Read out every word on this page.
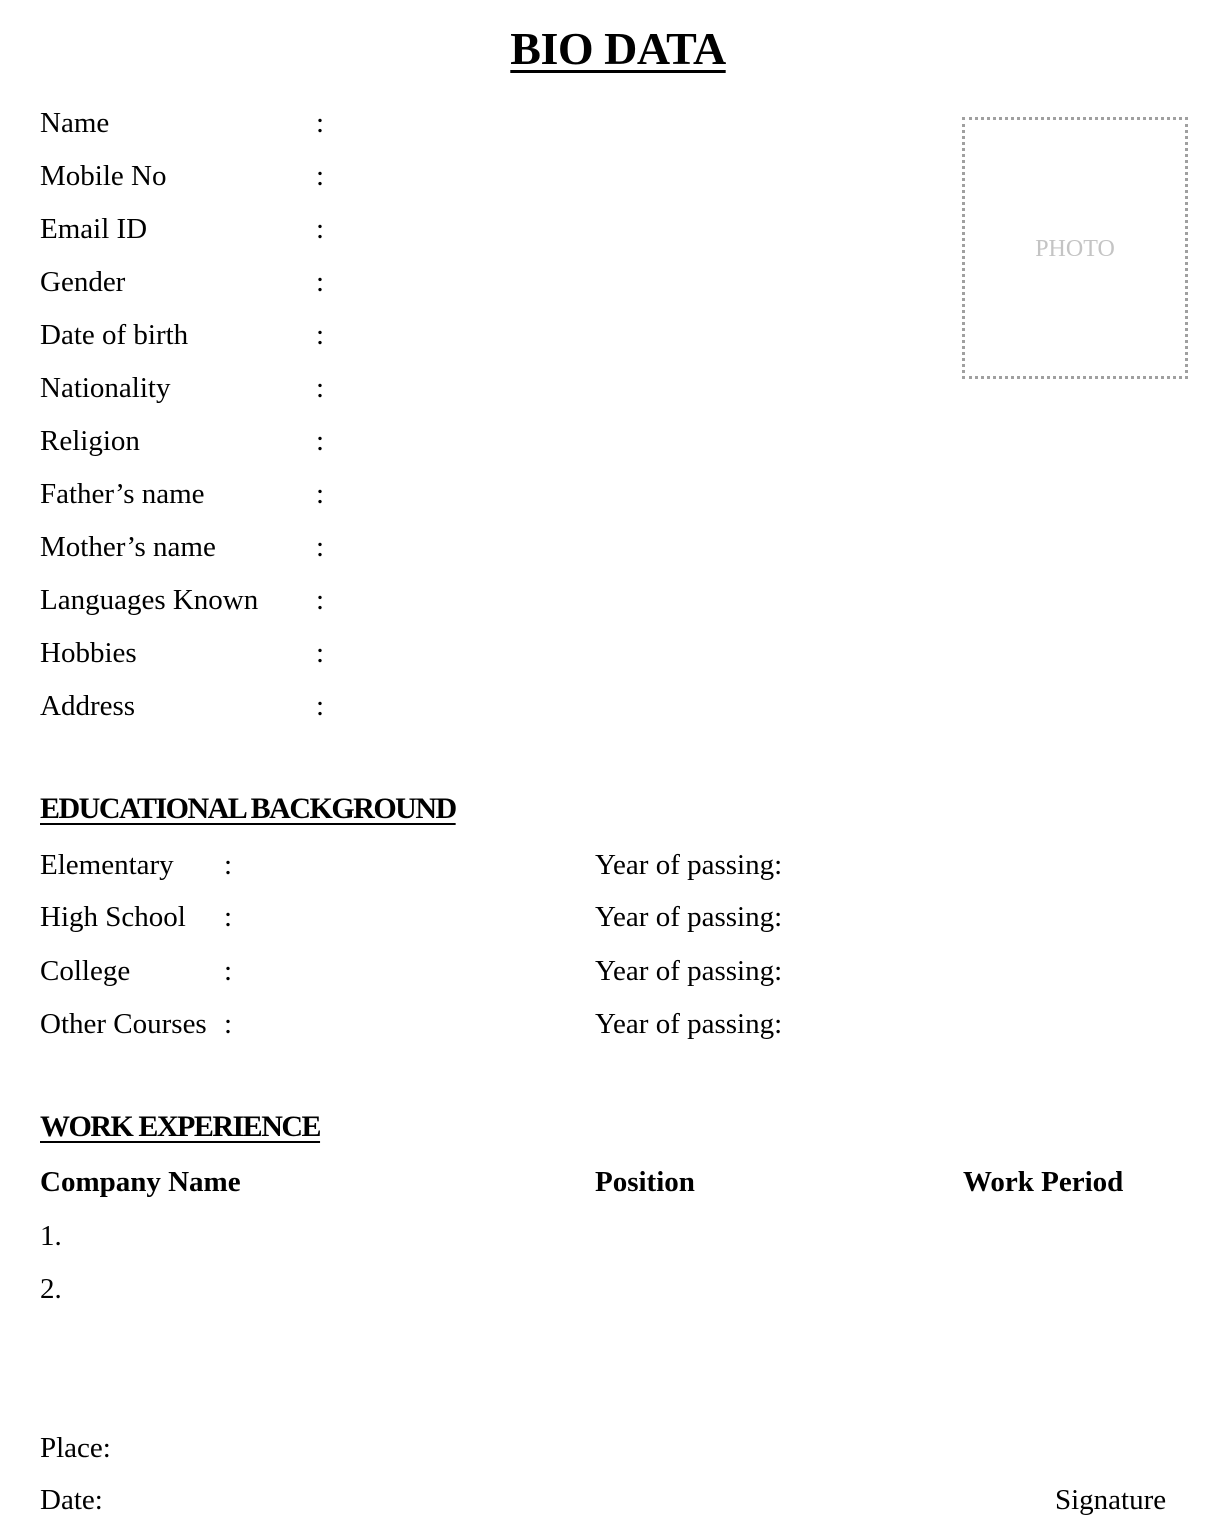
BIO DATA
Name	:
Mobile No	:
Email ID	:
Gender	:
Date of birth	:
Nationality	:
Religion	:
Father’s name	:
Mother’s name	:
Languages Known :
Hobbies	:
Address	:
PHOTO
EDUCATIONAL BACKGROUND
Elementary :	Year of passing:
High School :	Year of passing:
College	:	Year of passing:
Other Courses :	Year of passing:
WORK EXPERIENCE
Company Name	Position	Work Period
1.
2.
Place:
Date:	Signature
